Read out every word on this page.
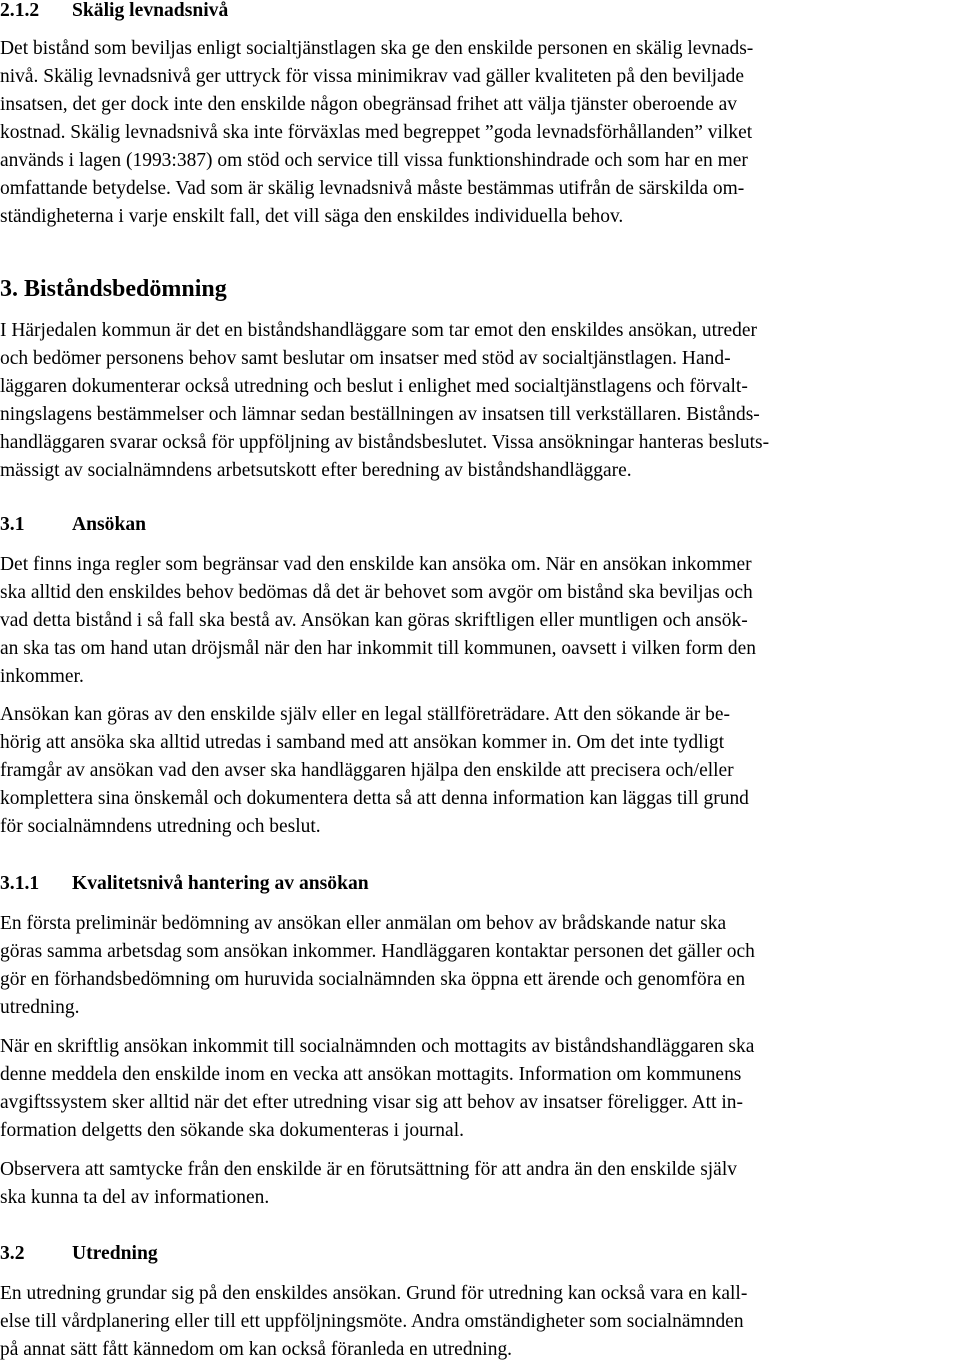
2.1.2 Skälig levnadsnivå
Det bistånd som beviljas enligt socialtjänstlagen ska ge den enskilde personen en skälig levnads-
nivå. Skälig levnadsnivå ger uttryck för vissa minimikrav vad gäller kvaliteten på den beviljade
insatsen, det ger dock inte den enskilde någon obegränsad frihet att välja tjänster oberoende av
kostnad. Skälig levnadsnivå ska inte förväxlas med begreppet ”goda levnadsförhållanden” vilket
används i lagen (1993:387) om stöd och service till vissa funktionshindrade och som har en mer
omfattande betydelse. Vad som är skälig levnadsnivå måste bestämmas utifrån de särskilda om-
ständigheterna i varje enskilt fall, det vill säga den enskildes individuella behov.
3. Biståndsbedömning
I Härjedalen kommun är det en biståndshandläggare som tar emot den enskildes ansökan, utreder
och bedömer personens behov samt beslutar om insatser med stöd av socialtjänstlagen. Hand-
läggaren dokumenterar också utredning och beslut i enlighet med socialtjänstlagens och förvalt-
ningslagens bestämmelser och lämnar sedan beställningen av insatsen till verkställaren. Bistånds-
handläggaren svarar också för uppföljning av biståndsbeslutet. Vissa ansökningar hanteras besluts-
mässigt av socialnämndens arbetsutskott efter beredning av biståndshandläggare.
3.1 Ansökan
Det finns inga regler som begränsar vad den enskilde kan ansöka om. När en ansökan inkommer
ska alltid den enskildes behov bedömas då det är behovet som avgör om bistånd ska beviljas och
vad detta bistånd i så fall ska bestå av. Ansökan kan göras skriftligen eller muntligen och ansök-
an ska tas om hand utan dröjsmål när den har inkommit till kommunen, oavsett i vilken form den
inkommer.
Ansökan kan göras av den enskilde själv eller en legal ställföreträdare. Att den sökande är be-
hörig att ansöka ska alltid utredas i samband med att ansökan kommer in. Om det inte tydligt
framgår av ansökan vad den avser ska handläggaren hjälpa den enskilde att precisera och/eller
komplettera sina önskemål och dokumentera detta så att denna information kan läggas till grund
för socialnämndens utredning och beslut.
3.1.1 Kvalitetsnivå hantering av ansökan
En första preliminär bedömning av ansökan eller anmälan om behov av brådskande natur ska
göras samma arbetsdag som ansökan inkommer. Handläggaren kontaktar personen det gäller och
gör en förhandsbedömning om huruvida socialnämnden ska öppna ett ärende och genomföra en
utredning.
När en skriftlig ansökan inkommit till socialnämnden och mottagits av biståndshandläggaren ska
denne meddela den enskilde inom en vecka att ansökan mottagits. Information om kommunens
avgiftssystem sker alltid när det efter utredning visar sig att behov av insatser föreligger. Att in-
formation delgetts den sökande ska dokumenteras i journal.
Observera att samtycke från den enskilde är en förutsättning för att andra än den enskilde själv
ska kunna ta del av informationen.
3.2 Utredning
En utredning grundar sig på den enskildes ansökan. Grund för utredning kan också vara en kall-
else till vårdplanering eller till ett uppföljningsmöte. Andra omständigheter som socialnämnden
på annat sätt fått kännedom om kan också föranleda en utredning.
